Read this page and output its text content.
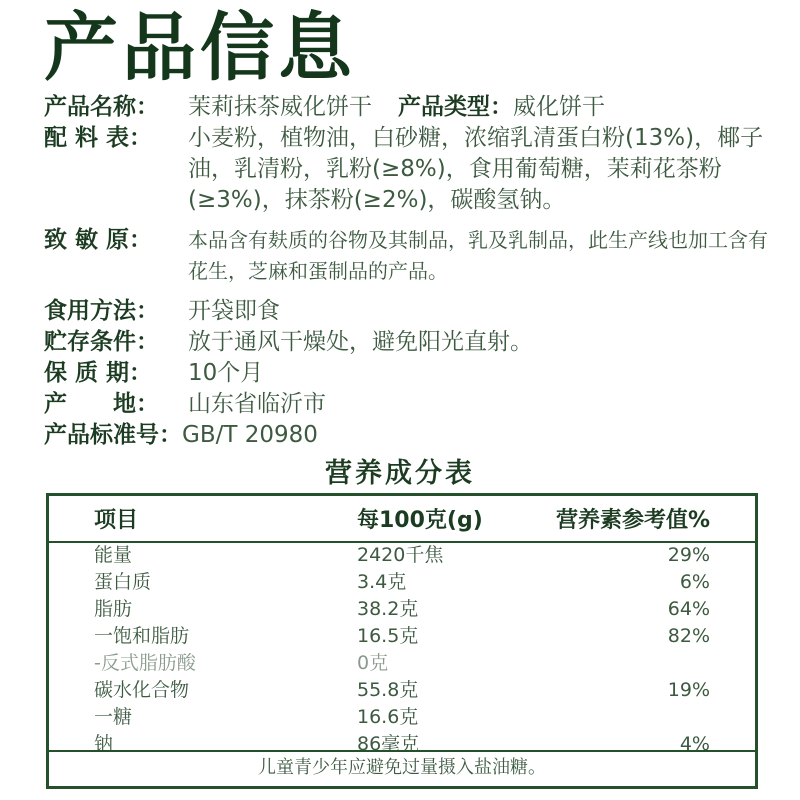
产品信息
产品名称：	茉莉抹茶威化饼干 产品类型： 威化饼干
配 料 表：	小麦粉，植物油，白砂糖，浓缩乳清蛋白粉(13%)，椰子油，乳清粉，乳粉(≥8%)，食用葡萄糖，茉莉花茶粉(≥3%)，抹茶粉(≥2%)，碳酸氢钠。
致 敏 原：	本品含有麸质的谷物及其制品，乳及乳制品，此生产线也加工含有花生，芝麻和蛋制品的产品。
食用方法：	开袋即食
贮存条件：	放于通风干燥处，避免阳光直射。
保 质 期：	10个月
产　　地：	山东省临沂市
产品标准号： GB/T 20980
营养成分表
项目	每100克(g)	营养素参考值%
能量	2420千焦	29%
蛋白质	3.4克	6%
脂肪	38.2克	64%
一饱和脂肪	16.5克	82%
-反式脂肪酸	0克
碳水化合物	55.8克	19%
一糖	16.6克
钠	86毫克	4%
儿童青少年应避免过量摄入盐油糖。
